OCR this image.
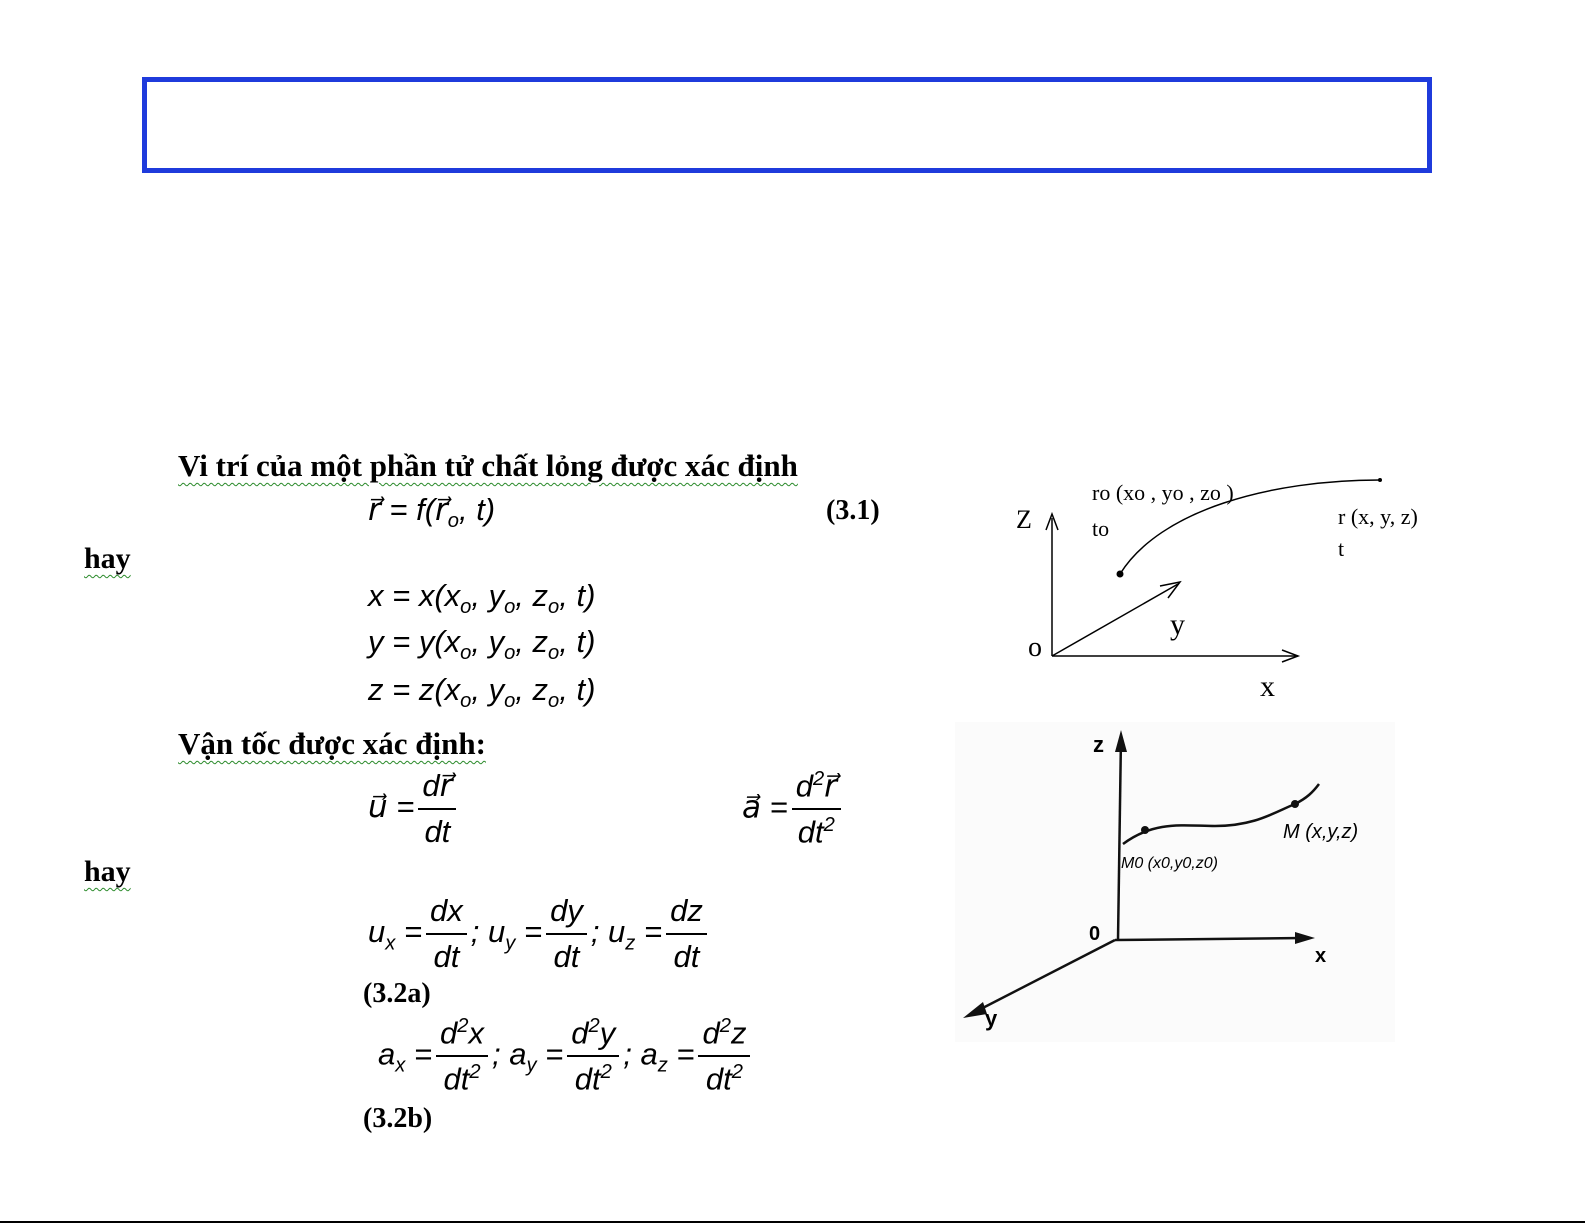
Vi trí của một phần tử chất lỏng được xác định
r⃗ = $f(r⃗_o$, t)	(3.1)
hay
$x = x(x_o$, $y_o$, $z_o$, t)
$y = y(x_o$, $y_o$, $z_o$, t)
$z = z(x_o$, $y_o$, $z_o$, t)
Vận tốc được xác định:
u⃗ = $\frac{dr⃗}{dt}$	a⃗ = $\frac{d^2r⃗}{dt^2}$
hay
$u_x = \frac{dx}{dt}$ ; $u_y = \frac{dy}{dt}$ ; $u_z = \frac{dz}{dt}$
(3.2a)
$a_x = \frac{d^2x}{dt^2}$ ; $a_y = \frac{d^2y}{dt^2}$ ; $a_z = \frac{d^2z}{dt^2}$
(3.2b)
Z
y
x
o
ro (xo , yo , zo )
to	r (x, y, z)
t
z
y
x
0
M0 (x0,y0,z0)
M (x,y,z)
